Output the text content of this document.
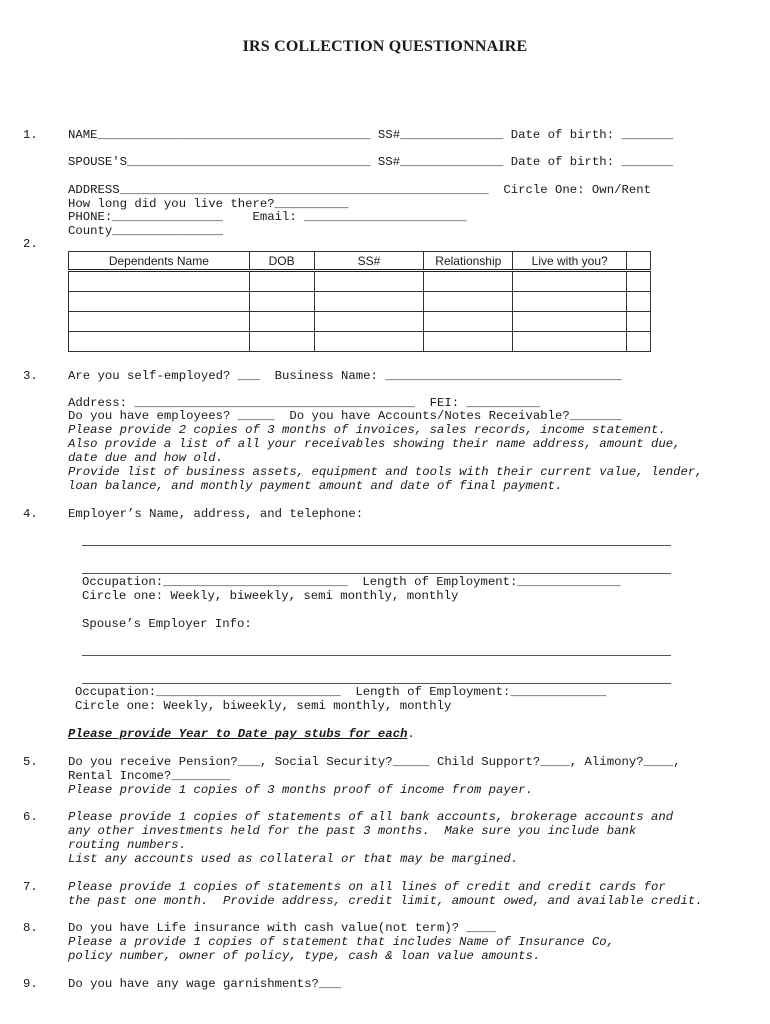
IRS COLLECTION QUESTIONNAIRE
1.
2.
3.
4.
5.
6.
7.
8.
9.
NAME_____________________________________ SS#______________ Date of birth: _______
SPOUSE'S_________________________________ SS#______________ Date of birth: _______
ADDRESS__________________________________________________  Circle One: Own/Rent
How long did you live there?__________
PHONE:_______________    Email: ______________________
County_______________
Dependents Name	DOB	SS#	Relationship	Live with you?	

Are you self-employed? ___  Business Name: ________________________________
Address: ______________________________________  FEI: __________
Do you have employees? _____  Do you have Accounts/Notes Receivable?_______
Please provide 2 copies of 3 months of invoices, sales records, income statement.
Also provide a list of all your receivables showing their name address, amount due,
date due and how old.
Provide list of business assets, equipment and tools with their current value, lender,
loan balance, and monthly payment amount and date of final payment.
Employer’s Name, address, and telephone:
Occupation:_________________________  Length of Employment:______________
Circle one: Weekly, biweekly, semi monthly, monthly
Spouse’s Employer Info:
Occupation:_________________________  Length of Employment:_____________
Circle one: Weekly, biweekly, semi monthly, monthly
Please provide Year to Date pay stubs for each.
Do you receive Pension?___, Social Security?_____ Child Support?____, Alimony?____,
Rental Income?________
Please provide 1 copies of 3 months proof of income from payer.
Please provide 1 copies of statements of all bank accounts, brokerage accounts and
any other investments held for the past 3 months.  Make sure you include bank
routing numbers.
List any accounts used as collateral or that may be margined.
Please provide 1 copies of statements on all lines of credit and credit cards for
the past one month.  Provide address, credit limit, amount owed, and available credit.
Do you have Life insurance with cash value(not term)? ____
Please a provide 1 copies of statement that includes Name of Insurance Co,
policy number, owner of policy, type, cash & loan value amounts.
Do you have any wage garnishments?___
